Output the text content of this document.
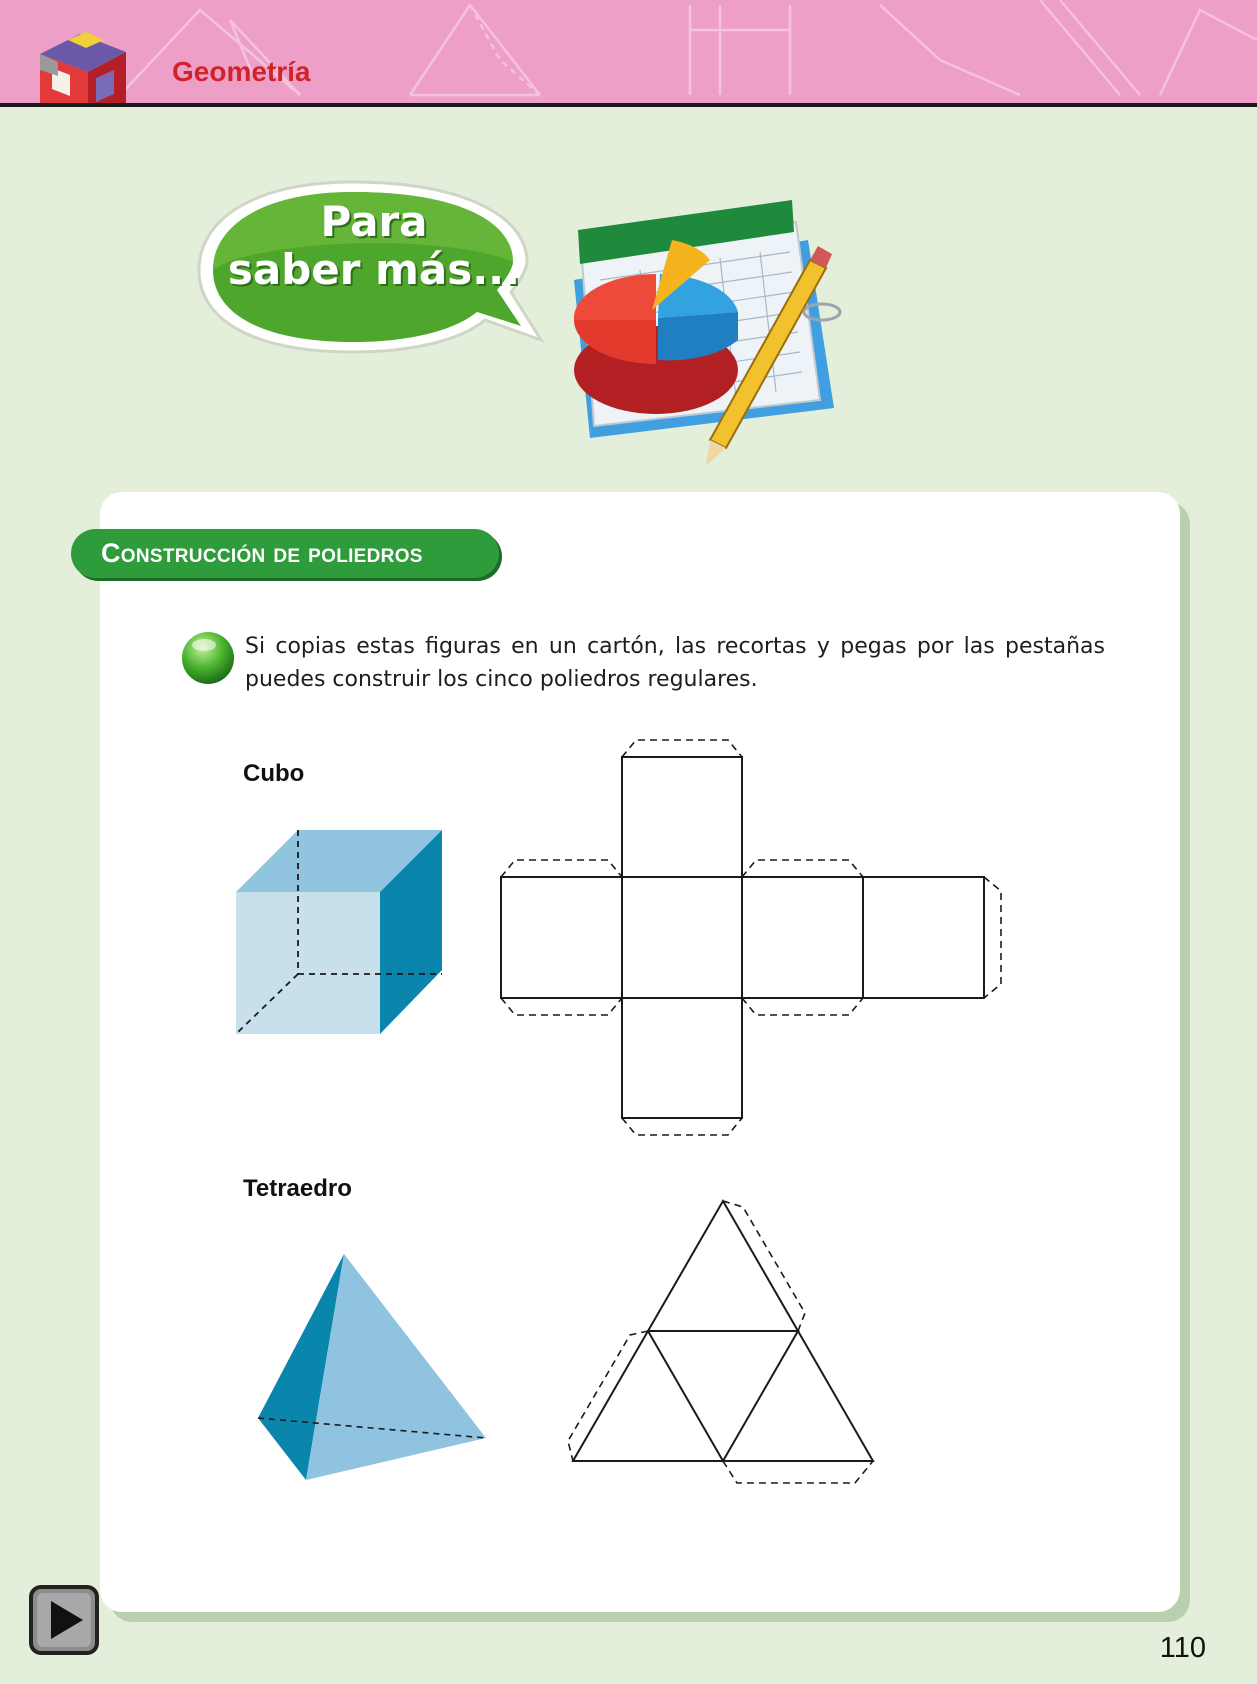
Geometría
Para
saber más...
Construcción de poliedros
Si copias estas figuras en un cartón, las recortas y pegas por las pestañas puedes construir los cinco poliedros regulares.
Cubo
Tetraedro
110
